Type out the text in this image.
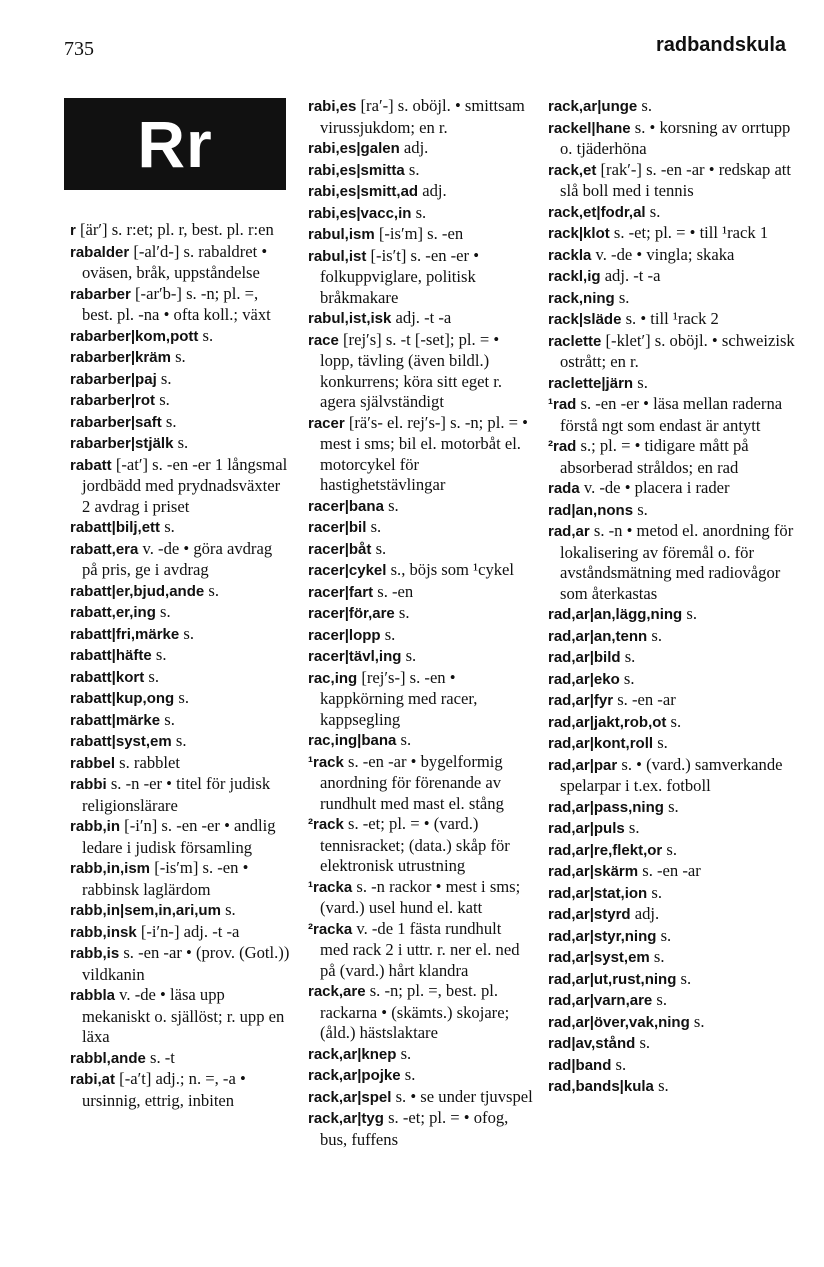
735	radbandskula
Rr

r [är′] s. r:et; pl. r, best. pl. r:en

rabalder [-al′d-] s. rabaldret • oväsen, bråk, uppståndelse

rabarber [-ar′b-] s. -n; pl. =, best. pl. -na • ofta koll.; växt

rabarber|kom,pott s.

rabarber|kräm s.

rabarber|paj s.

rabarber|rot s.

rabarber|saft s.

rabarber|stjälk s.

rabatt [-at′] s. -en -er 1 långsmal jordbädd med prydnadsväxter 2 avdrag i priset

rabatt|bilj,ett s.

rabatt,era v. -de • göra avdrag på pris, ge i avdrag

rabatt|er,bjud,ande s.

rabatt,er,ing s.

rabatt|fri,märke s.

rabatt|häfte s.

rabatt|kort s.

rabatt|kup,ong s.

rabatt|märke s.

rabatt|syst,em s.

rabbel s. rabblet

rabbi s. -n -er • titel för judisk religionslärare

rabb,in [-i′n] s. -en -er • andlig ledare i judisk församling

rabb,in,ism [-is′m] s. -en • rabbinsk laglärdom

rabb,in|sem,in,ari,um s.

rabb,insk [-i′n-] adj. -t -a

rabb,is s. -en -ar • (prov. (Gotl.)) vildkanin

rabbla v. -de • läsa upp mekaniskt o. själlöst; r. upp en läxa

rabbl,ande s. -t

rabi,at [-a′t] adj.; n. =, -a • ursinnig, ettrig, inbiten

rabi,es [ra′-] s. oböjl. • smittsam virussjukdom; en r.

rabi,es|galen adj.

rabi,es|smitta s.

rabi,es|smitt,ad adj.

rabi,es|vacc,in s.

rabul,ism [-is′m] s. -en

rabul,ist [-is′t] s. -en -er • folkuppviglare, politisk bråkmakare

rabul,ist,isk adj. -t -a

race [rej′s] s. -t [-set]; pl. = • lopp, tävling (även bildl.) konkurrens; köra sitt eget r. agera självständigt

racer [rä′s- el. rej′s-] s. -n; pl. = • mest i sms; bil el. motorbåt el. motorcykel för hastighetstävlingar

racer|bana s.

racer|bil s.

racer|båt s.

racer|cykel s., böjs som ¹cykel

racer|fart s. -en

racer|för,are s.

racer|lopp s.

racer|tävl,ing s.

rac,ing [rej′s-] s. -en • kappkörning med racer, kappsegling

rac,ing|bana s.

¹rack s. -en -ar • bygelformig anordning för förenande av rundhult med mast el. stång

²rack s. -et; pl. = • (vard.) tennisracket; (data.) skåp för elektronisk utrustning

¹racka s. -n rackor • mest i sms; (vard.) usel hund el. katt

²racka v. -de 1 fästa rundhult med rack 2 i uttr. r. ner el. ned på (vard.) hårt klandra

rack,are s. -n; pl. =, best. pl. rackarna • (skämts.) skojare; (åld.) hästslaktare

rack,ar|knep s.

rack,ar|pojke s.

rack,ar|spel s. • se under tjuvspel

rack,ar|tyg s. -et; pl. = • ofog, bus, fuffens

rack,ar|unge s.

rackel|hane s. • korsning av orrtupp o. tjäderhöna

rack,et [rak′-] s. -en -ar • redskap att slå boll med i tennis

rack,et|fodr,al s.

rack|klot s. -et; pl. = • till ¹rack 1

rackla v. -de • vingla; skaka

rackl,ig adj. -t -a

rack,ning s.

rack|släde s. • till ¹rack 2

raclette [-klet′] s. oböjl. • schweizisk ostrått; en r.

raclette|järn s.

¹rad s. -en -er • läsa mellan raderna förstå ngt som endast är antytt

²rad s.; pl. = • tidigare mått på absorberad stråldos; en rad

rada v. -de • placera i rader

rad|an,nons s.

rad,ar s. -n • metod el. anordning för lokalisering av föremål o. för avståndsmätning med radiovågor som återkastas

rad,ar|an,lägg,ning s.

rad,ar|an,tenn s.

rad,ar|bild s.

rad,ar|eko s.

rad,ar|fyr s. -en -ar

rad,ar|jakt,rob,ot s.

rad,ar|kont,roll s.

rad,ar|par s. • (vard.) samverkande spelarpar i t.ex. fotboll

rad,ar|pass,ning s.

rad,ar|puls s.

rad,ar|re,flekt,or s.

rad,ar|skärm s. -en -ar

rad,ar|stat,ion s.

rad,ar|styrd adj.

rad,ar|styr,ning s.

rad,ar|syst,em s.

rad,ar|ut,rust,ning s.

rad,ar|varn,are s.

rad,ar|över,vak,ning s.

rad|av,stånd s.

rad|band s.

rad,bands|kula s.
